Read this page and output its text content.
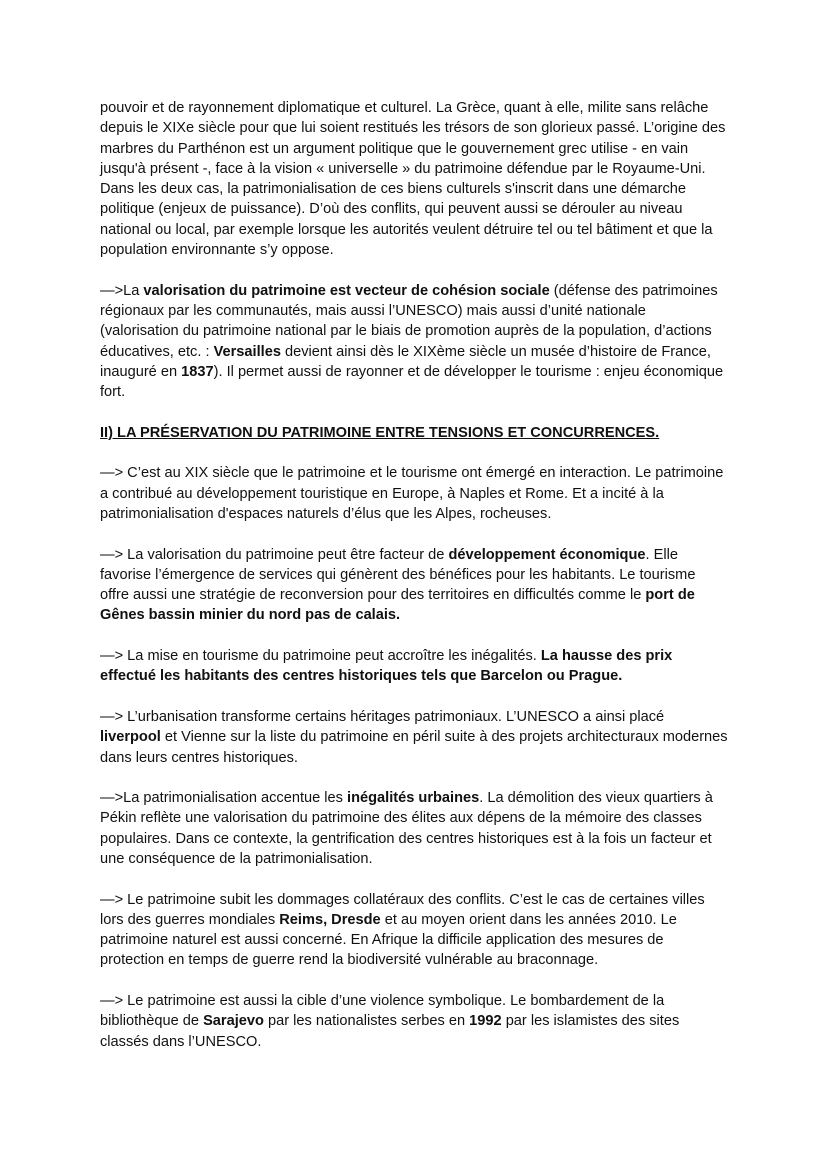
pouvoir et de rayonnement diplomatique et culturel. La Grèce, quant à elle, milite sans relâche depuis le XIXe siècle pour que lui soient restitués les trésors de son glorieux passé. L’origine des marbres du Parthénon est un argument politique que le gouvernement grec utilise - en vain jusqu'à présent -, face à la vision « universelle » du patrimoine défendue par le Royaume-Uni. Dans les deux cas, la patrimonialisation de ces biens culturels s'inscrit dans une démarche politique (enjeux de puissance). D’où des conflits, qui peuvent aussi se dérouler au niveau national ou local, par exemple lorsque les autorités veulent détruire tel ou tel bâtiment et que la population environnante s’y oppose.

—>La valorisation du patrimoine est vecteur de cohésion sociale (défense des patrimoines régionaux par les communautés, mais aussi l’UNESCO) mais aussi d’unité nationale (valorisation du patrimoine national par le biais de promotion auprès de la population, d’actions éducatives, etc. : Versailles devient ainsi dès le XIXème siècle un musée d’histoire de France, inauguré en 1837). Il permet aussi de rayonner et de développer le tourisme : enjeu économique fort.

II) LA PRÉSERVATION DU PATRIMOINE ENTRE TENSIONS ET CONCURRENCES.

—> C’est au XIX siècle que le patrimoine et le tourisme ont émergé en interaction. Le patrimoine a contribué au développement touristique en Europe, à Naples et Rome. Et a incité à la patrimonialisation d'espaces naturels d’élus que les Alpes, rocheuses.

—> La valorisation du patrimoine peut être facteur de développement économique. Elle favorise l’émergence de services qui génèrent des bénéfices pour les habitants. Le tourisme offre aussi une stratégie de reconversion pour des territoires en difficultés comme le port de Gênes bassin minier du nord pas de calais.

—> La mise en tourisme du patrimoine peut accroître les inégalités. La hausse des prix effectué les habitants des centres historiques tels que Barcelon ou Prague.

—> L’urbanisation transforme certains héritages patrimoniaux. L’UNESCO a ainsi placé liverpool et Vienne sur la liste du patrimoine en péril suite à des projets architecturaux modernes dans leurs centres historiques.

—>La patrimonialisation accentue les inégalités urbaines. La démolition des vieux quartiers à Pékin reflète une valorisation du patrimoine des élites aux dépens de la mémoire des classes populaires. Dans ce contexte, la gentrification des centres historiques est à la fois un facteur et une conséquence de la patrimonialisation.

—> Le patrimoine subit les dommages collatéraux des conflits. C’est le cas de certaines villes lors des guerres mondiales Reims, Dresde et au moyen orient dans les années 2010. Le patrimoine naturel est aussi concerné. En Afrique la difficile application des mesures de protection en temps de guerre rend la biodiversité vulnérable au braconnage.

—> Le patrimoine est aussi la cible d’une violence symbolique. Le bombardement de la bibliothèque de Sarajevo par les nationalistes serbes en 1992 par les islamistes des sites classés dans l’UNESCO.
